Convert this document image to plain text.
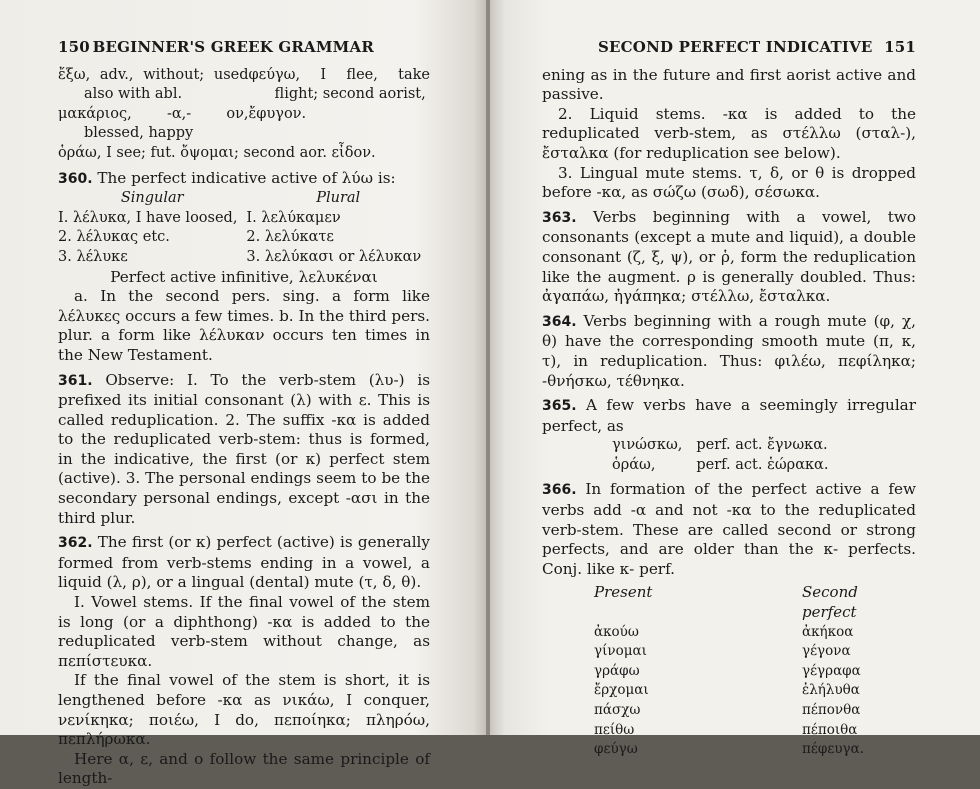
150 BEGINNER'S GREEK GRAMMAR

ἔξω, adv., without; used also with abl.

μακάριος, -α,- ον, blessed, happy

φεύγω, I flee, take flight; second aorist,

ἔφυγον.

ὁράω, I see; fut. ὄψομαι; second aor. εἶδον.

360. The perfect indicative active of λύω is:

Singular	Plural
I. λέλυκα, I have loosed,	I. λελύκαμεν
2. λέλυκας etc.	2. λελύκατε
3. λέλυκε	3. λελύκασι or λέλυκαν

Perfect active infinitive, λελυκέναι

a. In the second pers. sing. a form like λέλυκες occurs a few times. b. In the third pers. plur. a form like λέλυκαν occurs ten times in the New Testament.

361. Observe: I. To the verb-stem (λυ-) is prefixed its initial consonant (λ) with ε. This is called reduplication. 2. The suffix -κα is added to the reduplicated verb-stem: thus is formed, in the indicative, the first (or κ) perfect stem (active). 3. The personal endings seem to be the secondary personal endings, except -ασι in the third plur.

362. The first (or κ) perfect (active) is generally formed from verb-stems ending in a vowel, a liquid (λ, ρ), or a lingual (dental) mute (τ, δ, θ).

I. Vowel stems. If the final vowel of the stem is long (or a diphthong) -κα is added to the reduplicated verb-stem without change, as πεπίστευκα.

If the final vowel of the stem is short, it is lengthened before -κα as νικάω, I conquer, νενίκηκα; ποιέω, I do, πεποίηκα; πληρόω, πεπλήρωκα.

Here α, ε, and ο follow the same principle of length-

SECOND PERFECT INDICATIVE 151

ening as in the future and first aorist active and passive.

2. Liquid stems. -κα is added to the reduplicated verb-stem, as στέλλω (σταλ-), ἔσταλκα (for reduplication see below).

3. Lingual mute stems. τ, δ, or θ is dropped before -κα, as σώζω (σωδ), σέσωκα.

363. Verbs beginning with a vowel, two consonants (except a mute and liquid), a double consonant (ζ, ξ, ψ), or ῥ, form the reduplication like the augment. ρ is generally doubled. Thus: ἀγαπάω, ἠγάπηκα; στέλλω, ἔσταλκα.

364. Verbs beginning with a rough mute (φ, χ, θ) have the corresponding smooth mute (π, κ, τ), in reduplication. Thus: φιλέω, πεφίληκα; -θνήσκω, τέθνηκα.

365. A few verbs have a seemingly irregular perfect, as

γινώσκω,	perf. act. ἔγνωκα.
ὁράω,	perf. act. ἑώρακα.

366. In formation of the perfect active a few verbs add -α and not -κα to the reduplicated verb-stem. These are called second or strong perfects, and are older than the κ- perfects. Conj. like κ- perf.

Present	Second perfect
ἀκούω	ἀκήκοα
γίνομαι	γέγονα
γράφω	γέγραφα
ἔρχομαι	ἐλήλυθα
πάσχω	πέπονθα
πείθω	πέποιθα
φεύγω	πέφευγα.
